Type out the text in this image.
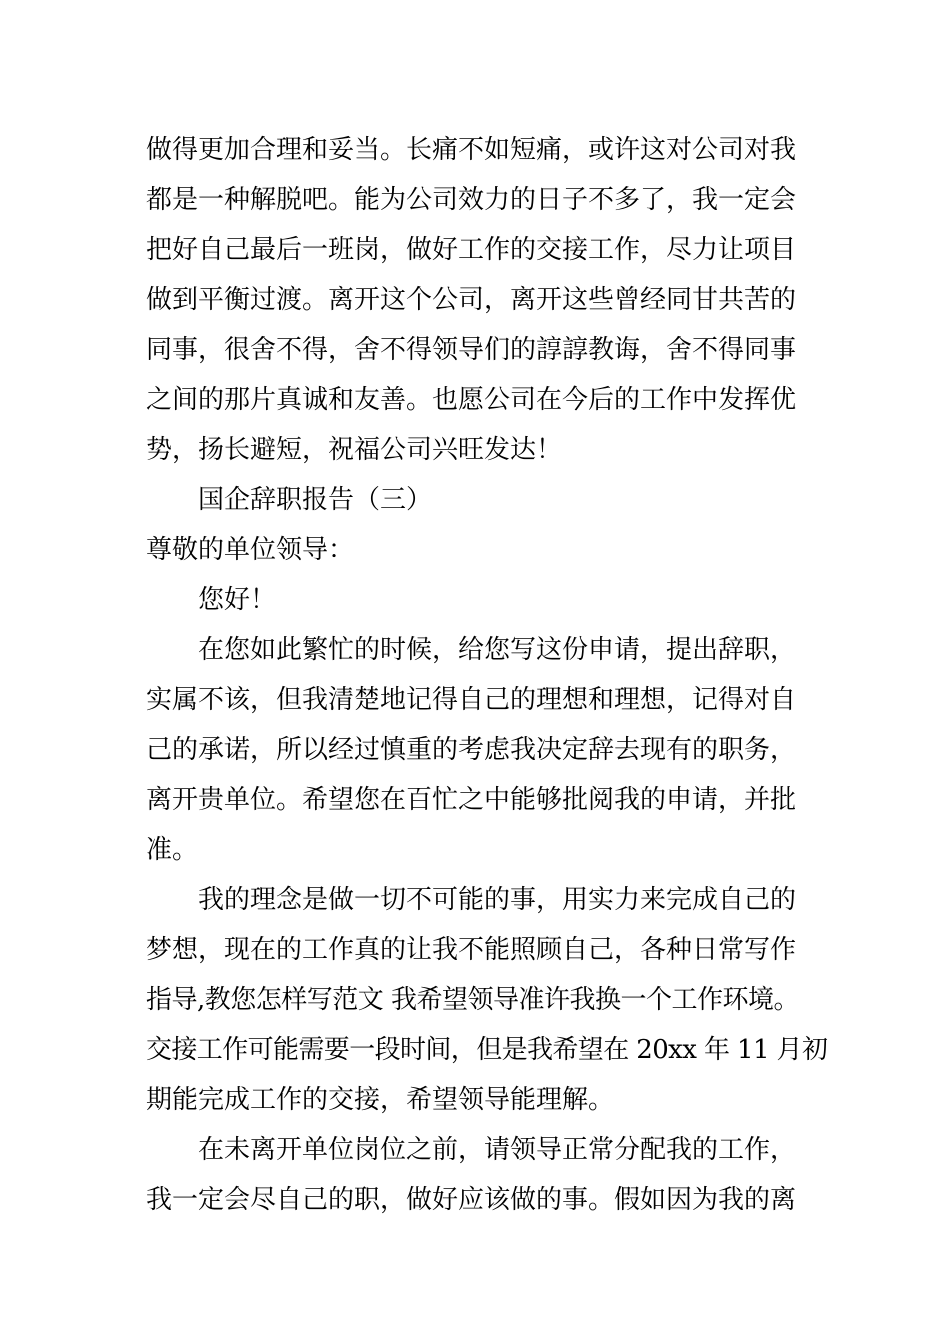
做得更加合理和妥当。长痛不如短痛，或许这对公司对我
都是一种解脱吧。能为公司效力的日子不多了，我一定会
把好自己最后一班岗，做好工作的交接工作，尽力让项目
做到平衡过渡。离开这个公司，离开这些曾经同甘共苦的
同事，很舍不得，舍不得领导们的諄諄教诲，舍不得同事
之间的那片真诚和友善。也愿公司在今后的工作中发挥优
势，扬长避短，祝福公司兴旺发达！
国企辞职报告（三）
尊敬的单位领导：
您好！
在您如此繁忙的时候，给您写这份申请，提出辞职，
实属不该，但我清楚地记得自己的理想和理想，记得对自
己的承诺，所以经过慎重的考虑我决定辞去现有的职务，
离开贵单位。希望您在百忙之中能够批阅我的申请，并批
准。
我的理念是做一切不可能的事，用实力来完成自己的
梦想，现在的工作真的让我不能照顾自己，各种日常写作
指导,教您怎样写范文 我希望领导准许我换一个工作环境。
交接工作可能需要一段时间，但是我希望在 20xx 年 11 月初
期能完成工作的交接，希望领导能理解。
在未离开单位岗位之前，请领导正常分配我的工作，
我一定会尽自己的职，做好应该做的事。假如因为我的离
